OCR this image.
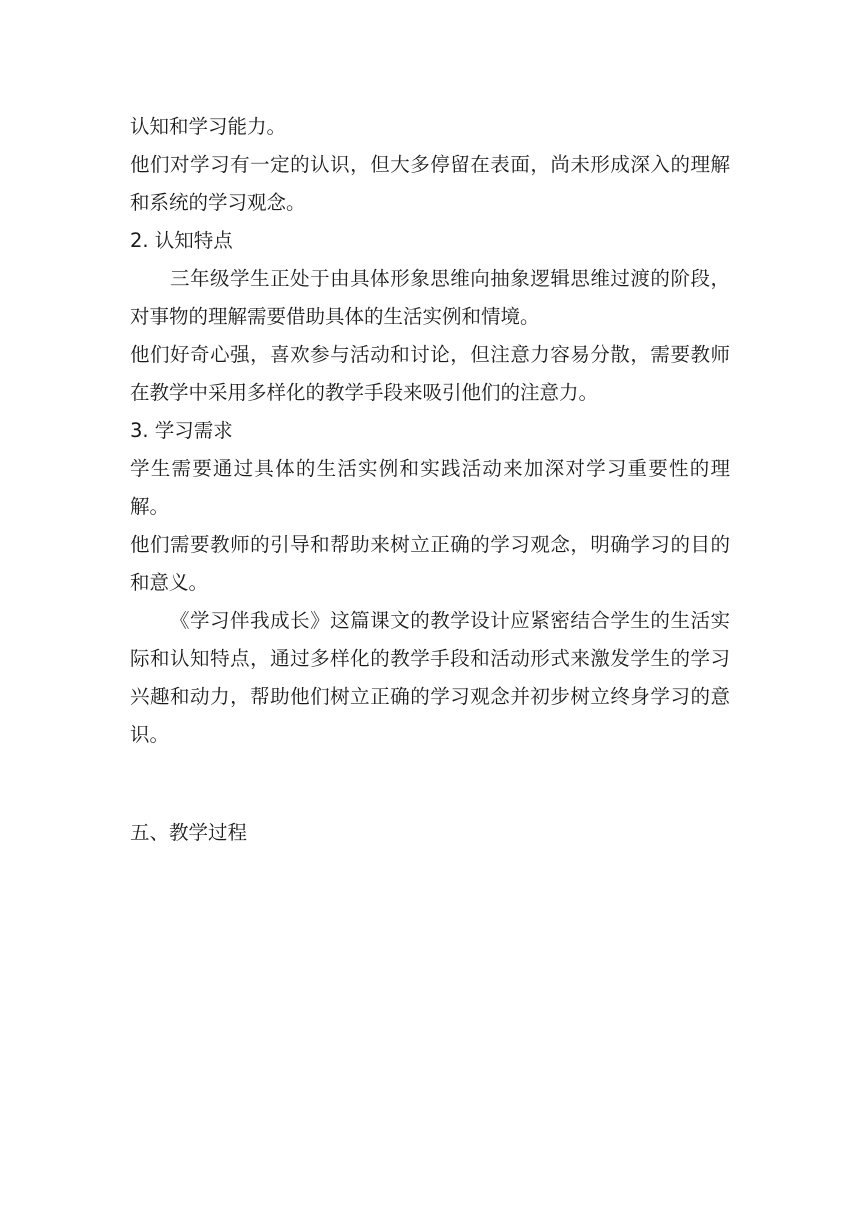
认知和学习能力。
他们对学习有一定的认识，但大多停留在表面，尚未形成深入的理解
和系统的学习观念。
2. 认知特点
三年级学生正处于由具体形象思维向抽象逻辑思维过渡的阶段，
对事物的理解需要借助具体的生活实例和情境。
他们好奇心强，喜欢参与活动和讨论，但注意力容易分散，需要教师
在教学中采用多样化的教学手段来吸引他们的注意力。
3. 学习需求
学生需要通过具体的生活实例和实践活动来加深对学习重要性的理
解。
他们需要教师的引导和帮助来树立正确的学习观念，明确学习的目的
和意义。
《学习伴我成长》这篇课文的教学设计应紧密结合学生的生活实
际和认知特点，通过多样化的教学手段和活动形式来激发学生的学习
兴趣和动力，帮助他们树立正确的学习观念并初步树立终身学习的意
识。
五、教学过程
